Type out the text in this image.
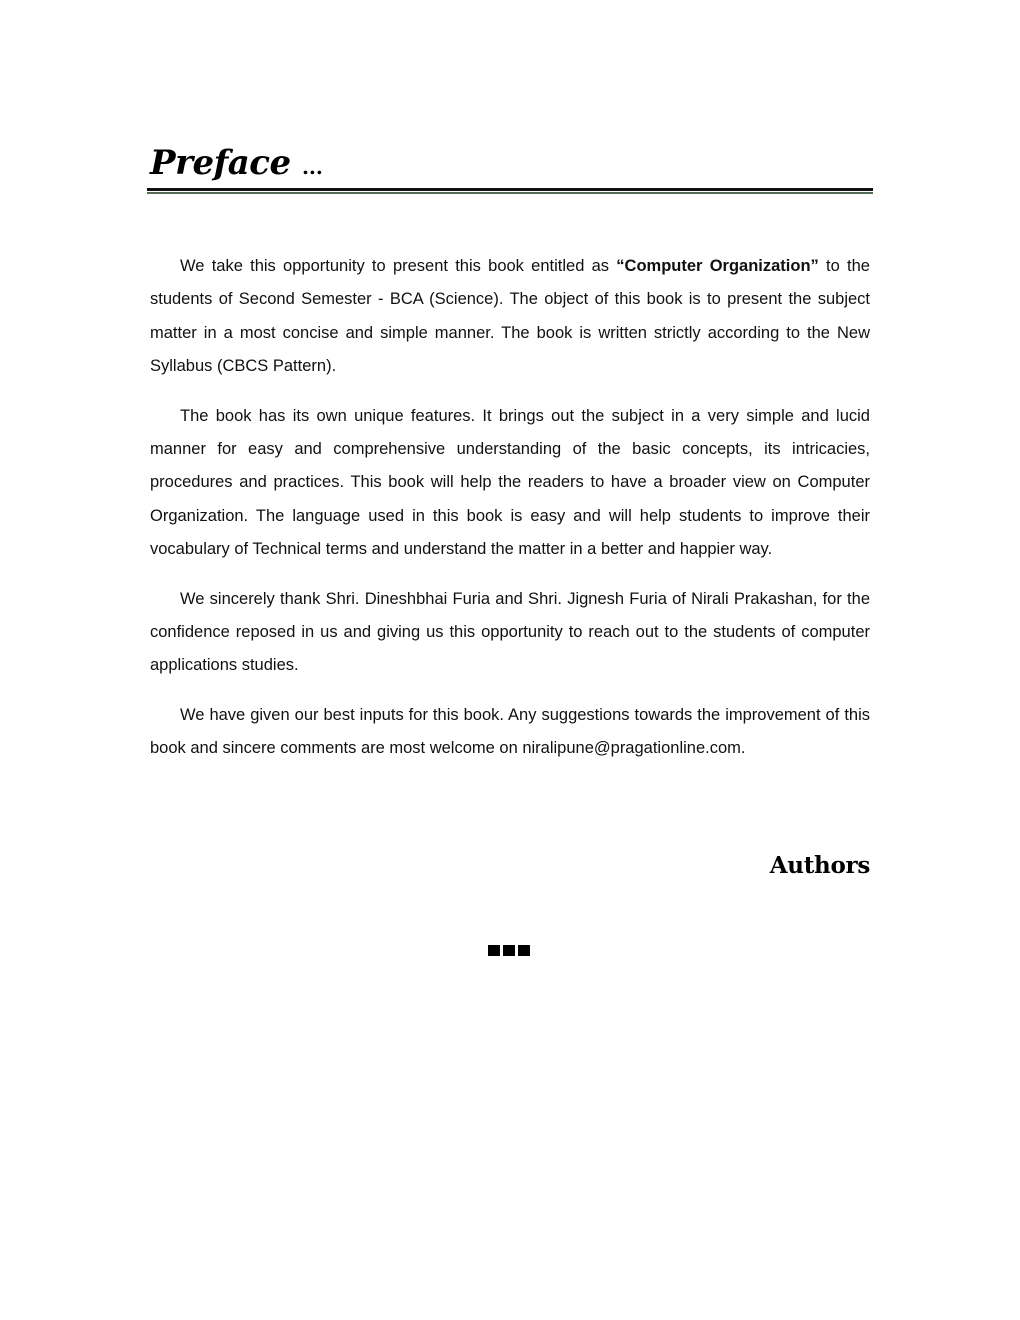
Preface ...

We take this opportunity to present this book entitled as “Computer Organization” to the students of Second Semester - BCA (Science). The object of this book is to present the subject matter in a most concise and simple manner. The book is written strictly according to the New Syllabus (CBCS Pattern).

The book has its own unique features. It brings out the subject in a very simple and lucid manner for easy and comprehensive understanding of the basic concepts, its intricacies, procedures and practices. This book will help the readers to have a broader view on Computer Organization. The language used in this book is easy and will help students to improve their vocabulary of Technical terms and understand the matter in a better and happier way.

We sincerely thank Shri. Dineshbhai Furia and Shri. Jignesh Furia of Nirali Prakashan, for the confidence reposed in us and giving us this opportunity to reach out to the students of computer applications studies.

We have given our best inputs for this book. Any suggestions towards the improvement of this book and sincere comments are most welcome on niralipune@pragationline.com.

Authors
